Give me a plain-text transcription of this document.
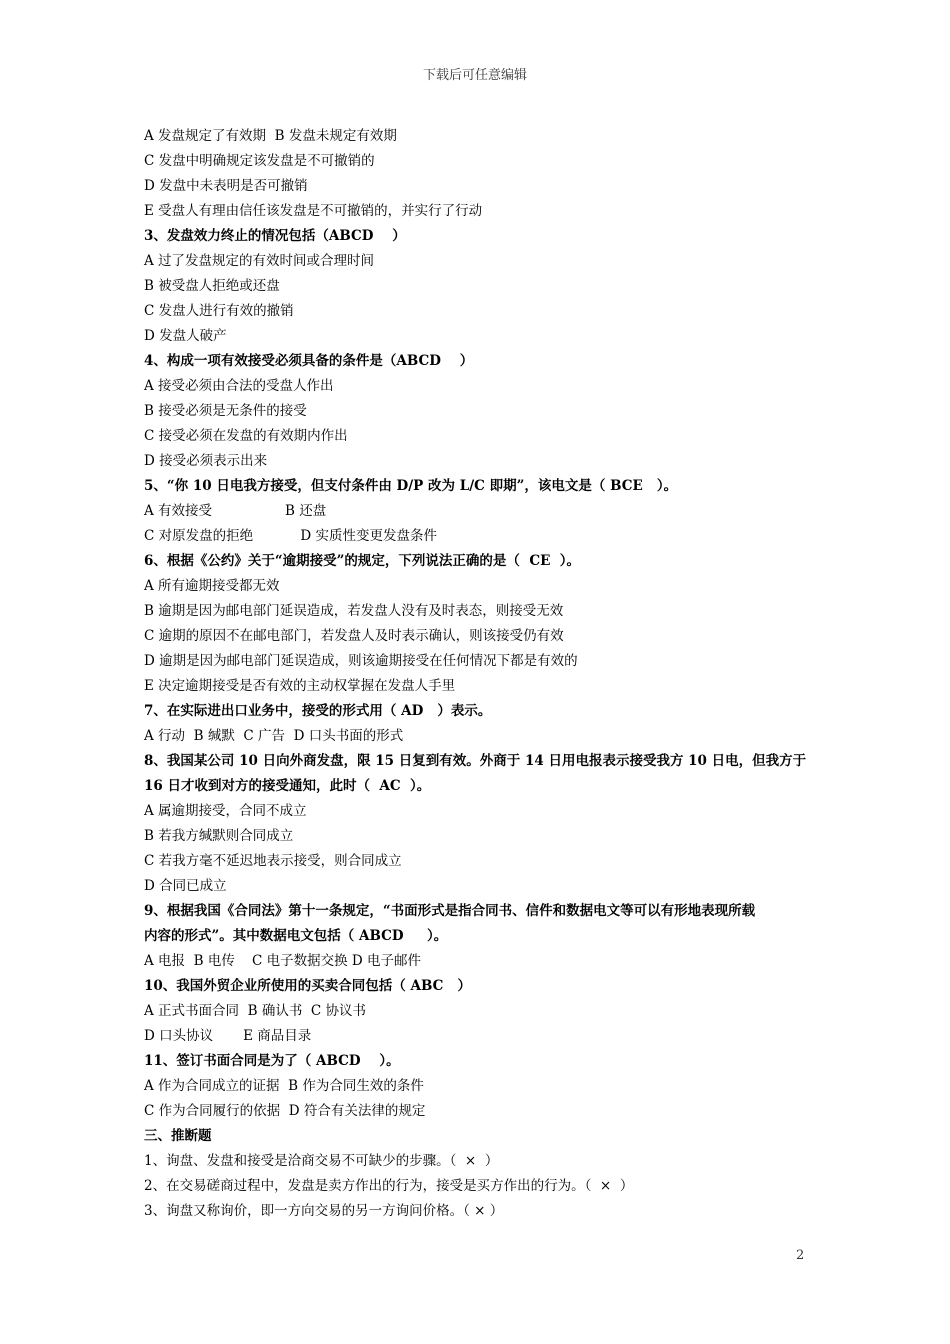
下载后可任意编辑
A 发盘规定了有效期  B 发盘未规定有效期
C 发盘中明确规定该发盘是不可撤销的
D 发盘中未表明是否可撤销
E 受盘人有理由信任该发盘是不可撤销的，并实行了行动
3、发盘效力终止的情况包括（ABCD    ）
A 过了发盘规定的有效时间或合理时间
B 被受盘人拒绝或还盘
C 发盘人进行有效的撤销
D 发盘人破产
4、构成一项有效接受必须具备的条件是（ABCD    ）
A 接受必须由合法的受盘人作出
B 接受必须是无条件的接受
C 接受必须在发盘的有效期内作出
D 接受必须表示出来
5、“你 10 日电我方接受，但支付条件由 D/P 改为 L/C 即期”，该电文是（ BCE   ）。
A 有效接受                 B 还盘
C 对原发盘的拒绝           D 实质性变更发盘条件
6、根据《公约》关于“逾期接受”的规定，下列说法正确的是（  CE  ）。
A 所有逾期接受都无效
B 逾期是因为邮电部门延误造成，若发盘人没有及时表态，则接受无效
C 逾期的原因不在邮电部门，若发盘人及时表示确认，则该接受仍有效
D 逾期是因为邮电部门延误造成，则该逾期接受在任何情况下都是有效的
E 决定逾期接受是否有效的主动权掌握在发盘人手里
7、在实际进出口业务中，接受的形式用（ AD   ）表示。
A 行动  B 缄默  C 广告  D 口头书面的形式
8、我国某公司 10 日向外商发盘，限 15 日复到有效。外商于 14 日用电报表示接受我方 10 日电，但我方于
16 日才收到对方的接受通知，此时（  AC  ）。
A 属逾期接受，合同不成立
B 若我方缄默则合同成立
C 若我方毫不延迟地表示接受，则合同成立
D 合同已成立
9、根据我国《合同法》第十一条规定，“书面形式是指合同书、信件和数据电文等可以有形地表现所载
内容的形式”。其中数据电文包括（ ABCD     ）。
A 电报  B 电传    C 电子数据交换 D 电子邮件
10、我国外贸企业所使用的买卖合同包括（ ABC   ）
A 正式书面合同  B 确认书  C 协议书
D 口头协议       E 商品目录
11、签订书面合同是为了（ ABCD    ）。
A 作为合同成立的证据  B 作为合同生效的条件
C 作为合同履行的依据  D 符合有关法律的规定
三、推断题
1、询盘、发盘和接受是洽商交易不可缺少的步骤。（  ×  ）
2、在交易磋商过程中，发盘是卖方作出的行为，接受是买方作出的行为。（  ×  ）
3、询盘又称询价，即一方向交易的另一方询问价格。（ × ）
2
